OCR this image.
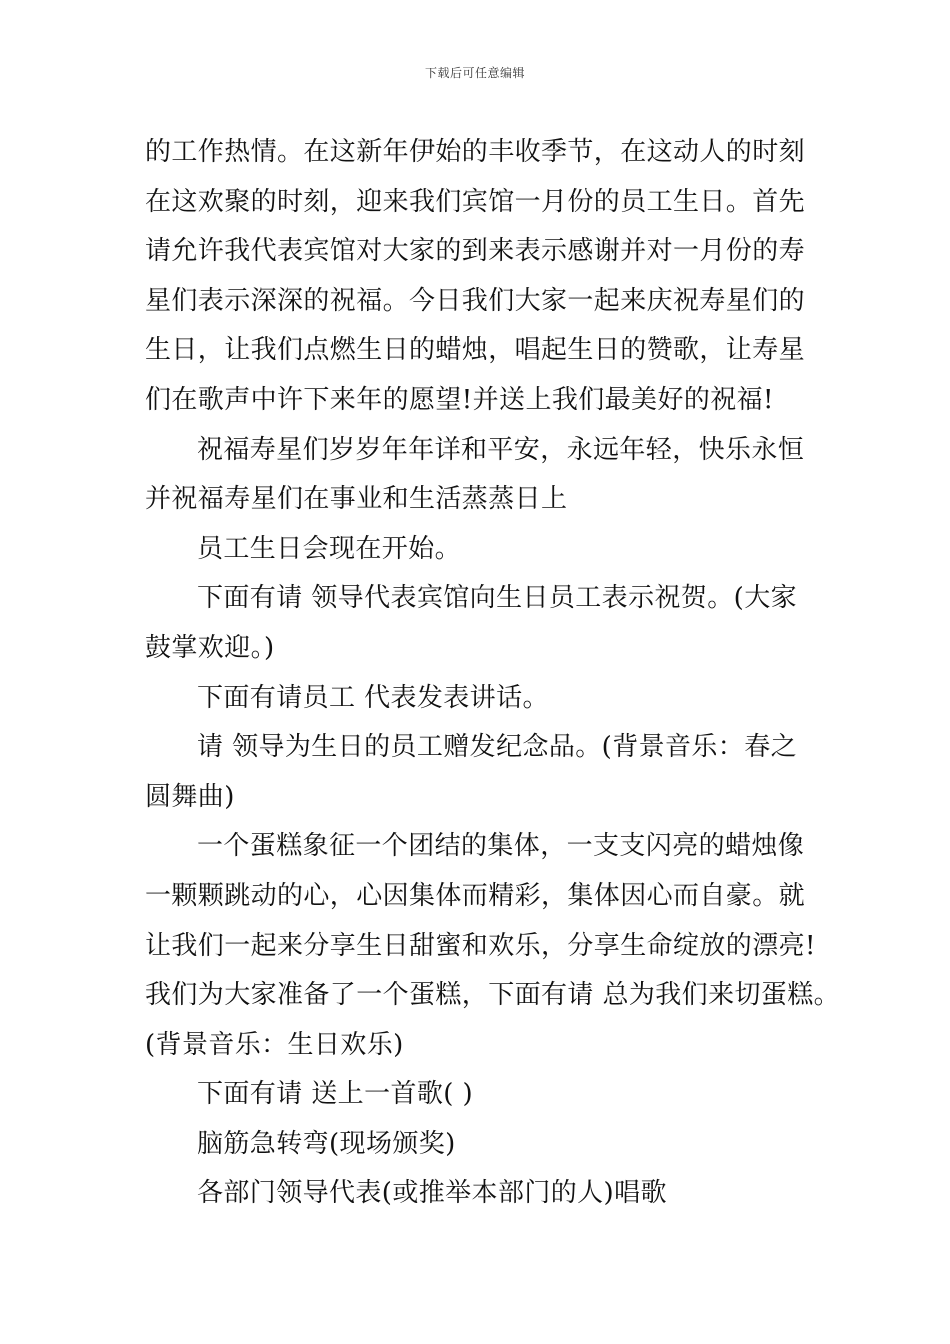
下载后可任意编辑
的工作热情。在这新年伊始的丰收季节，在这动人的时刻
在这欢聚的时刻，迎来我们宾馆一月份的员工生日。首先
请允许我代表宾馆对大家的到来表示感谢并对一月份的寿
星们表示深深的祝福。今日我们大家一起来庆祝寿星们的
生日，让我们点燃生日的蜡烛，唱起生日的赞歌，让寿星
们在歌声中许下来年的愿望!并送上我们最美好的祝福!
祝福寿星们岁岁年年详和平安，永远年轻，快乐永恒
并祝福寿星们在事业和生活蒸蒸日上
员工生日会现在开始。
下面有请 领导代表宾馆向生日员工表示祝贺。(大家
鼓掌欢迎。)
下面有请员工 代表发表讲话。
请 领导为生日的员工赠发纪念品。(背景音乐：春之
圆舞曲)
一个蛋糕象征一个团结的集体，一支支闪亮的蜡烛像
一颗颗跳动的心，心因集体而精彩，集体因心而自豪。就
让我们一起来分享生日甜蜜和欢乐，分享生命绽放的漂亮!
我们为大家准备了一个蛋糕，下面有请 总为我们来切蛋糕。
(背景音乐：生日欢乐)
下面有请 送上一首歌( )
脑筋急转弯(现场颁奖)
各部门领导代表(或推举本部门的人)唱歌
